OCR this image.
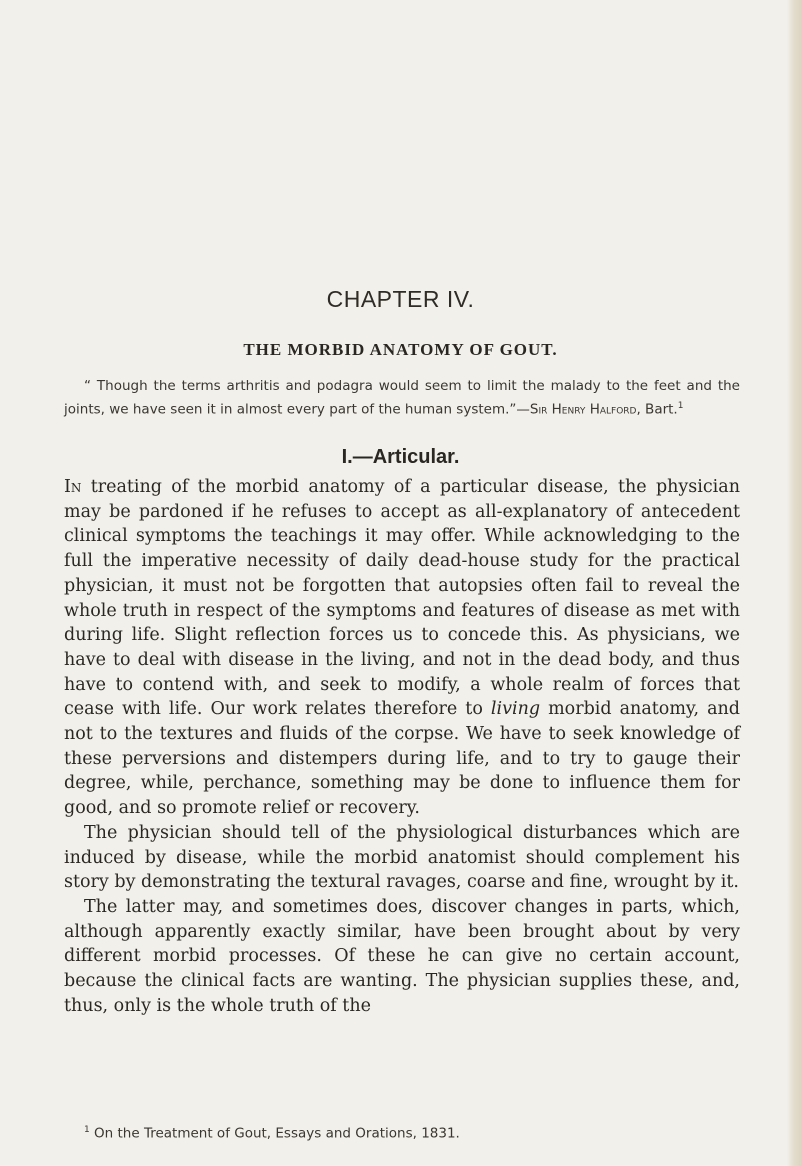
CHAPTER IV.
THE MORBID ANATOMY OF GOUT.
“ Though the terms arthritis and podagra would seem to limit the malady to the feet and the joints, we have seen it in almost every part of the human system.”—Sir Henry Halford, Bart.$^1$
I.—Articular.

In treating of the morbid anatomy of a particular disease, the physician may be pardoned if he refuses to accept as all-explanatory of antecedent clinical symptoms the teachings it may offer. While acknowledging to the full the imperative necessity of daily dead-house study for the practical physician, it must not be forgotten that autopsies often fail to reveal the whole truth in respect of the symptoms and features of disease as met with during life. Slight reflection forces us to concede this. As physicians, we have to deal with disease in the living, and not in the dead body, and thus have to contend with, and seek to modify, a whole realm of forces that cease with life. Our work relates therefore to living morbid anatomy, and not to the textures and fluids of the corpse. We have to seek knowledge of these perversions and distempers during life, and to try to gauge their degree, while, perchance, something may be done to influence them for good, and so promote relief or recovery.

The physician should tell of the physiological disturbances which are induced by disease, while the morbid anatomist should complement his story by demonstrating the textural ravages, coarse and fine, wrought by it.

The latter may, and sometimes does, discover changes in parts, which, although apparently exactly similar, have been brought about by very different morbid processes. Of these he can give no certain account, because the clinical facts are wanting. The physician supplies these, and, thus, only is the whole truth of the

$^1$ On the Treatment of Gout, Essays and Orations, 1831.
